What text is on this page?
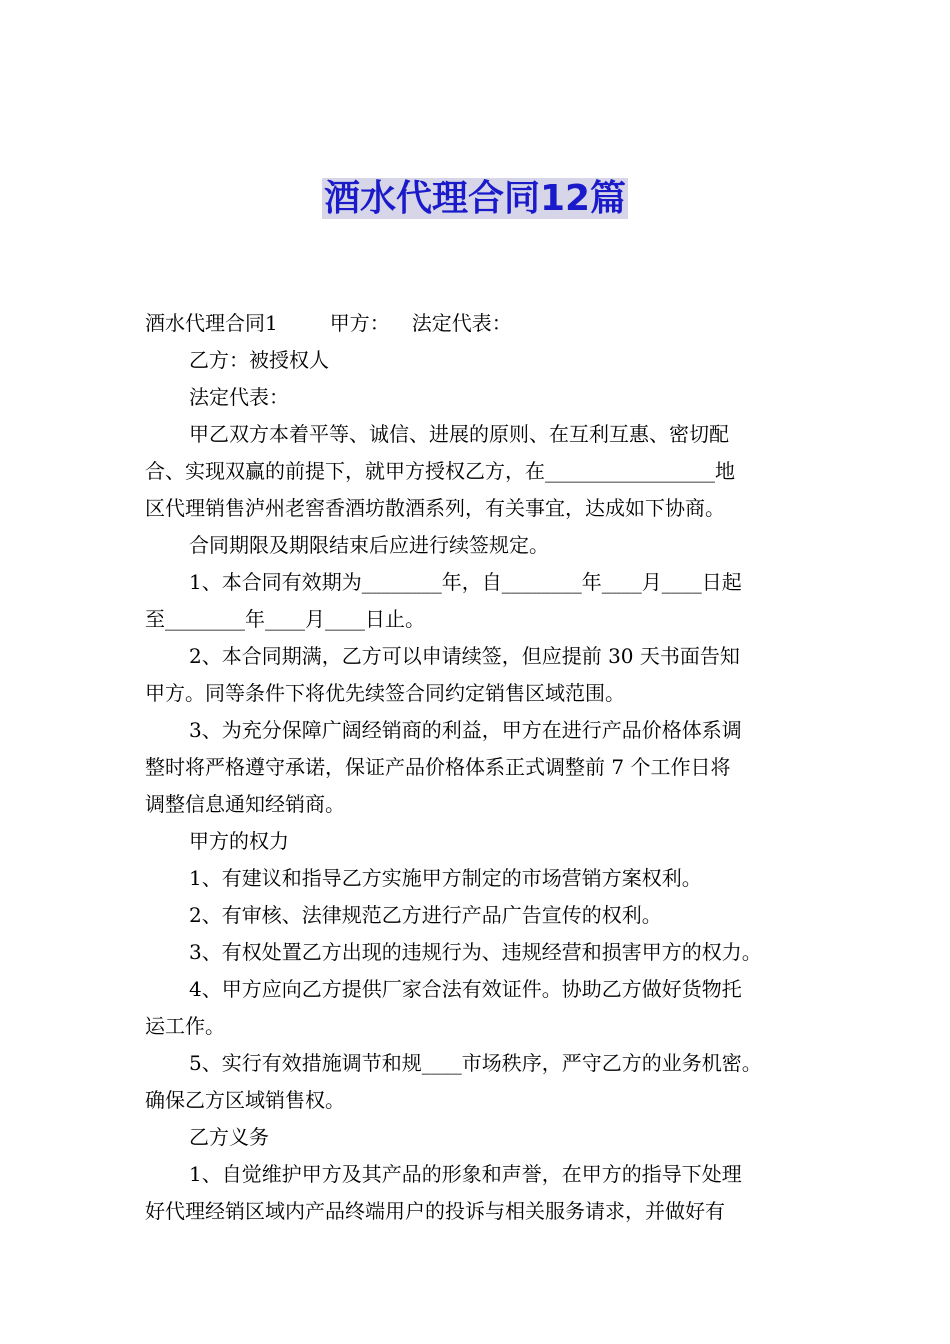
酒水代理合同12篇
酒水代理合同1	甲方： 法定代表：
乙方：被授权人
法定代表：
甲乙双方本着平等、诚信、进展的原则、在互利互惠、密切配
合、实现双赢的前提下，就甲方授权乙方，在_________________地
区代理销售泸州老窖香酒坊散酒系列，有关事宜，达成如下协商。
合同期限及期限结束后应进行续签规定。
1、本合同有效期为________年，自________年____月____日起
至________年____月____日止。
2、本合同期满，乙方可以申请续签，但应提前 30 天书面告知
甲方。同等条件下将优先续签合同约定销售区域范围。
3、为充分保障广阔经销商的利益，甲方在进行产品价格体系调
整时将严格遵守承诺，保证产品价格体系正式调整前 7 个工作日将
调整信息通知经销商。
甲方的权力
1、有建议和指导乙方实施甲方制定的市场营销方案权利。
2、有审核、法律规范乙方进行产品广告宣传的权利。
3、有权处置乙方出现的违规行为、违规经营和损害甲方的权力。
4、甲方应向乙方提供厂家合法有效证件。协助乙方做好货物托
运工作。
5、实行有效措施调节和规____市场秩序，严守乙方的业务机密。
确保乙方区域销售权。
乙方义务
1、自觉维护甲方及其产品的形象和声誉，在甲方的指导下处理
好代理经销区域内产品终端用户的投诉与相关服务请求，并做好有
